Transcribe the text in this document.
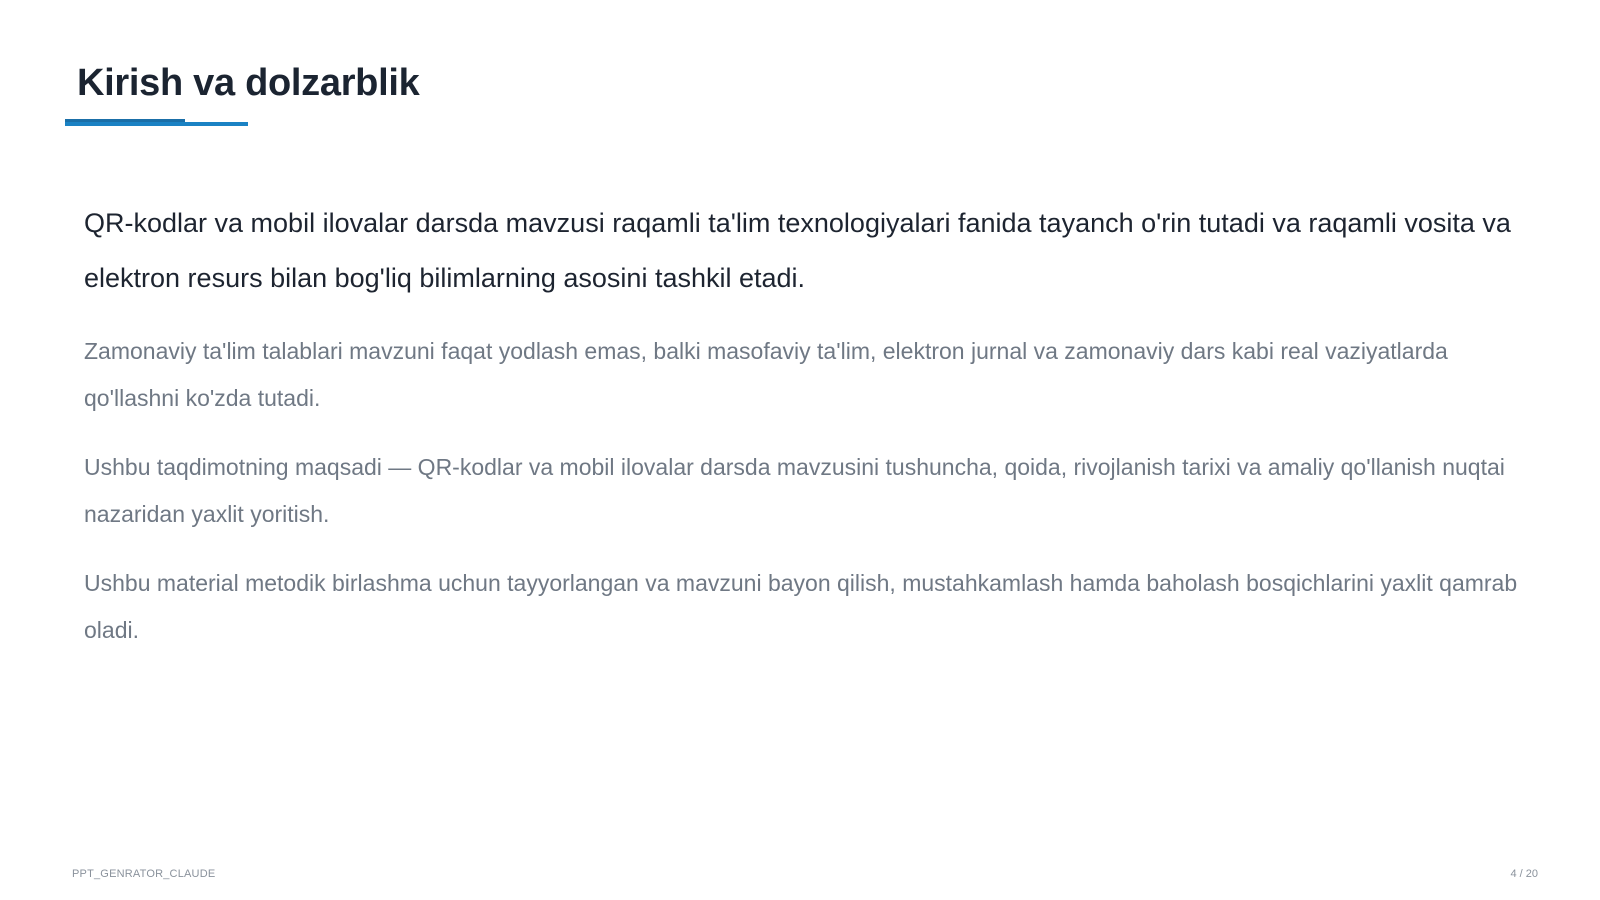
Kirish va dolzarblik

QR-kodlar va mobil ilovalar darsda mavzusi raqamli ta'lim texnologiyalari fanida tayanch o'rin tutadi va raqamli vosita va elektron resurs bilan bog'liq bilimlarning asosini tashkil etadi.

Zamonaviy ta'lim talablari mavzuni faqat yodlash emas, balki masofaviy ta'lim, elektron jurnal va zamonaviy dars kabi real vaziyatlarda qo'llashni ko'zda tutadi.

Ushbu taqdimotning maqsadi — QR-kodlar va mobil ilovalar darsda mavzusini tushuncha, qoida, rivojlanish tarixi va amaliy qo'llanish nuqtai nazaridan yaxlit yoritish.

Ushbu material metodik birlashma uchun tayyorlangan va mavzuni bayon qilish, mustahkamlash hamda baholash bosqichlarini yaxlit qamrab oladi.

PPT_GENRATOR_CLAUDE	4 / 20
